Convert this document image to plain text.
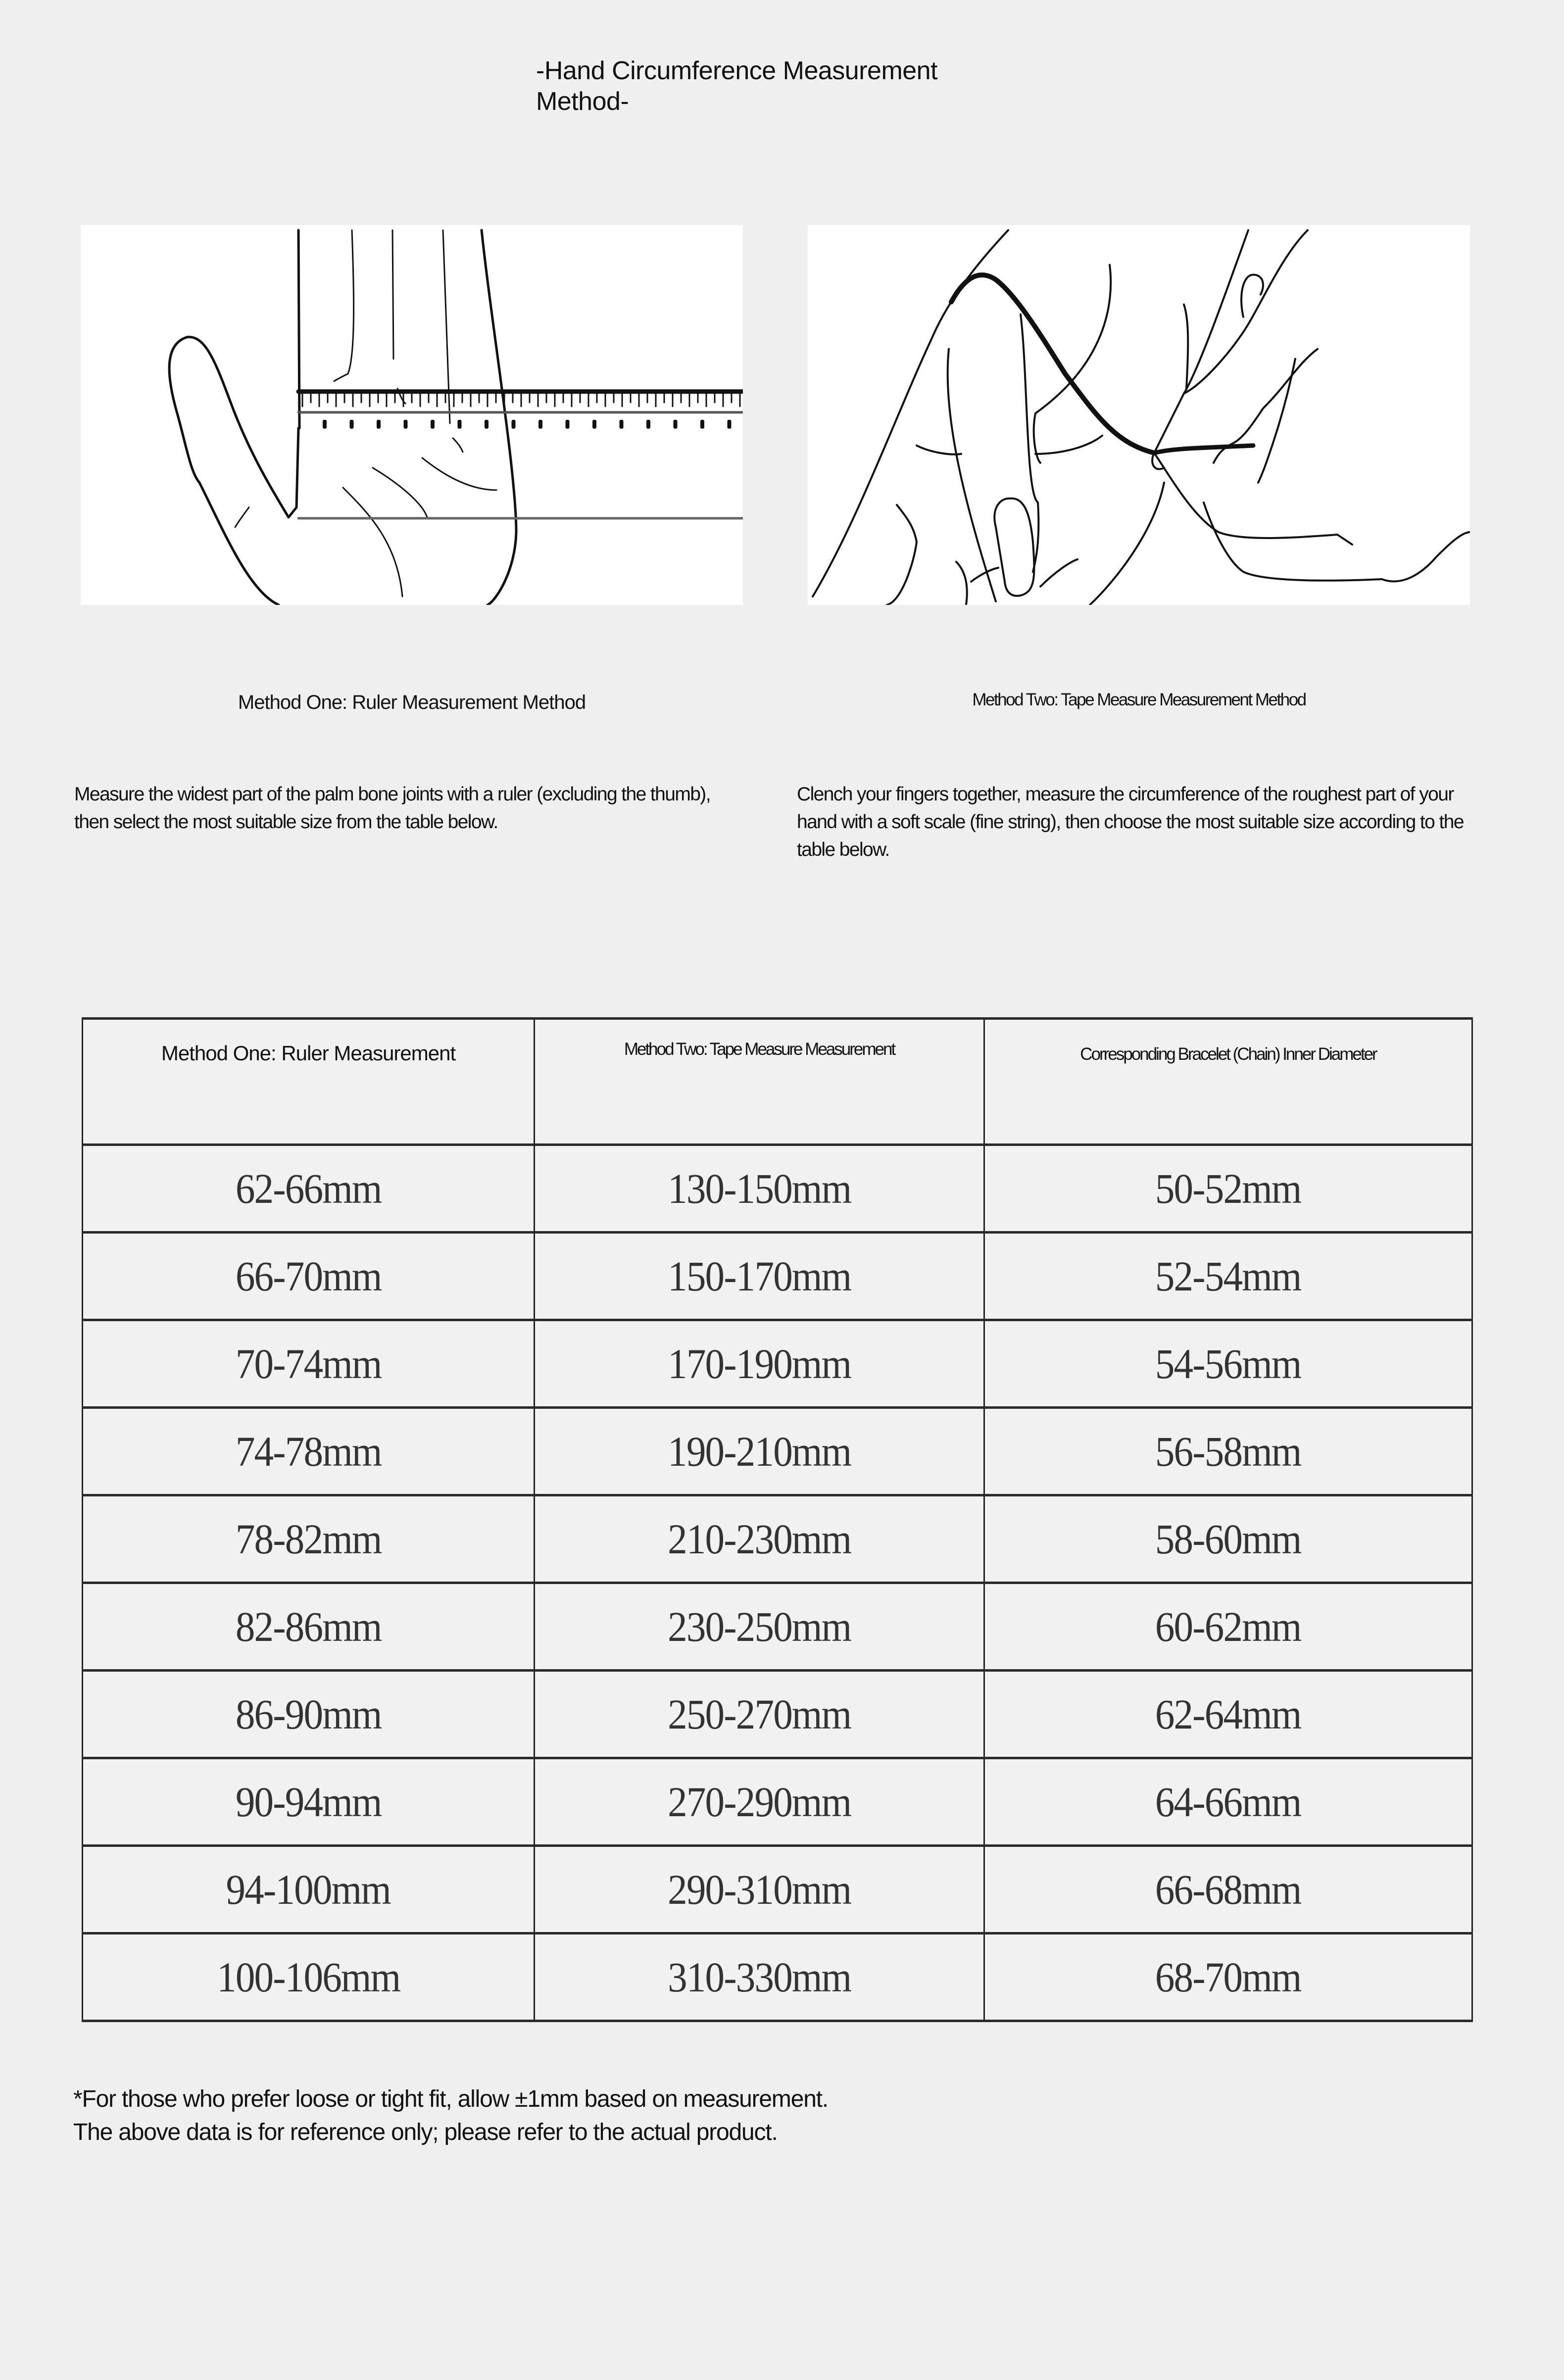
-Hand Circumference Measurement Method-
Method One: Ruler Measurement Method	Method Two: Tape Measure Measurement Method
Measure the widest part of the palm bone joints with a ruler (excluding the thumb), then select the most suitable size from the table below.
Clench your fingers together, measure the circumference of the roughest part of your hand with a soft scale (fine string), then choose the most suitable size according to the table below.
Method One: Ruler Measurement	Method Two: Tape Measure Measurement	Corresponding Bracelet (Chain) Inner Diameter
62-66mm	130-150mm	50-52mm
66-70mm	150-170mm	52-54mm
70-74mm	170-190mm	54-56mm
74-78mm	190-210mm	56-58mm
78-82mm	210-230mm	58-60mm
82-86mm	230-250mm	60-62mm
86-90mm	250-270mm	62-64mm
90-94mm	270-290mm	64-66mm
94-100mm	290-310mm	66-68mm
100-106mm	310-330mm	68-70mm
*For those who prefer loose or tight fit, allow ±1mm based on measurement. The above data is for reference only; please refer to the actual product.
